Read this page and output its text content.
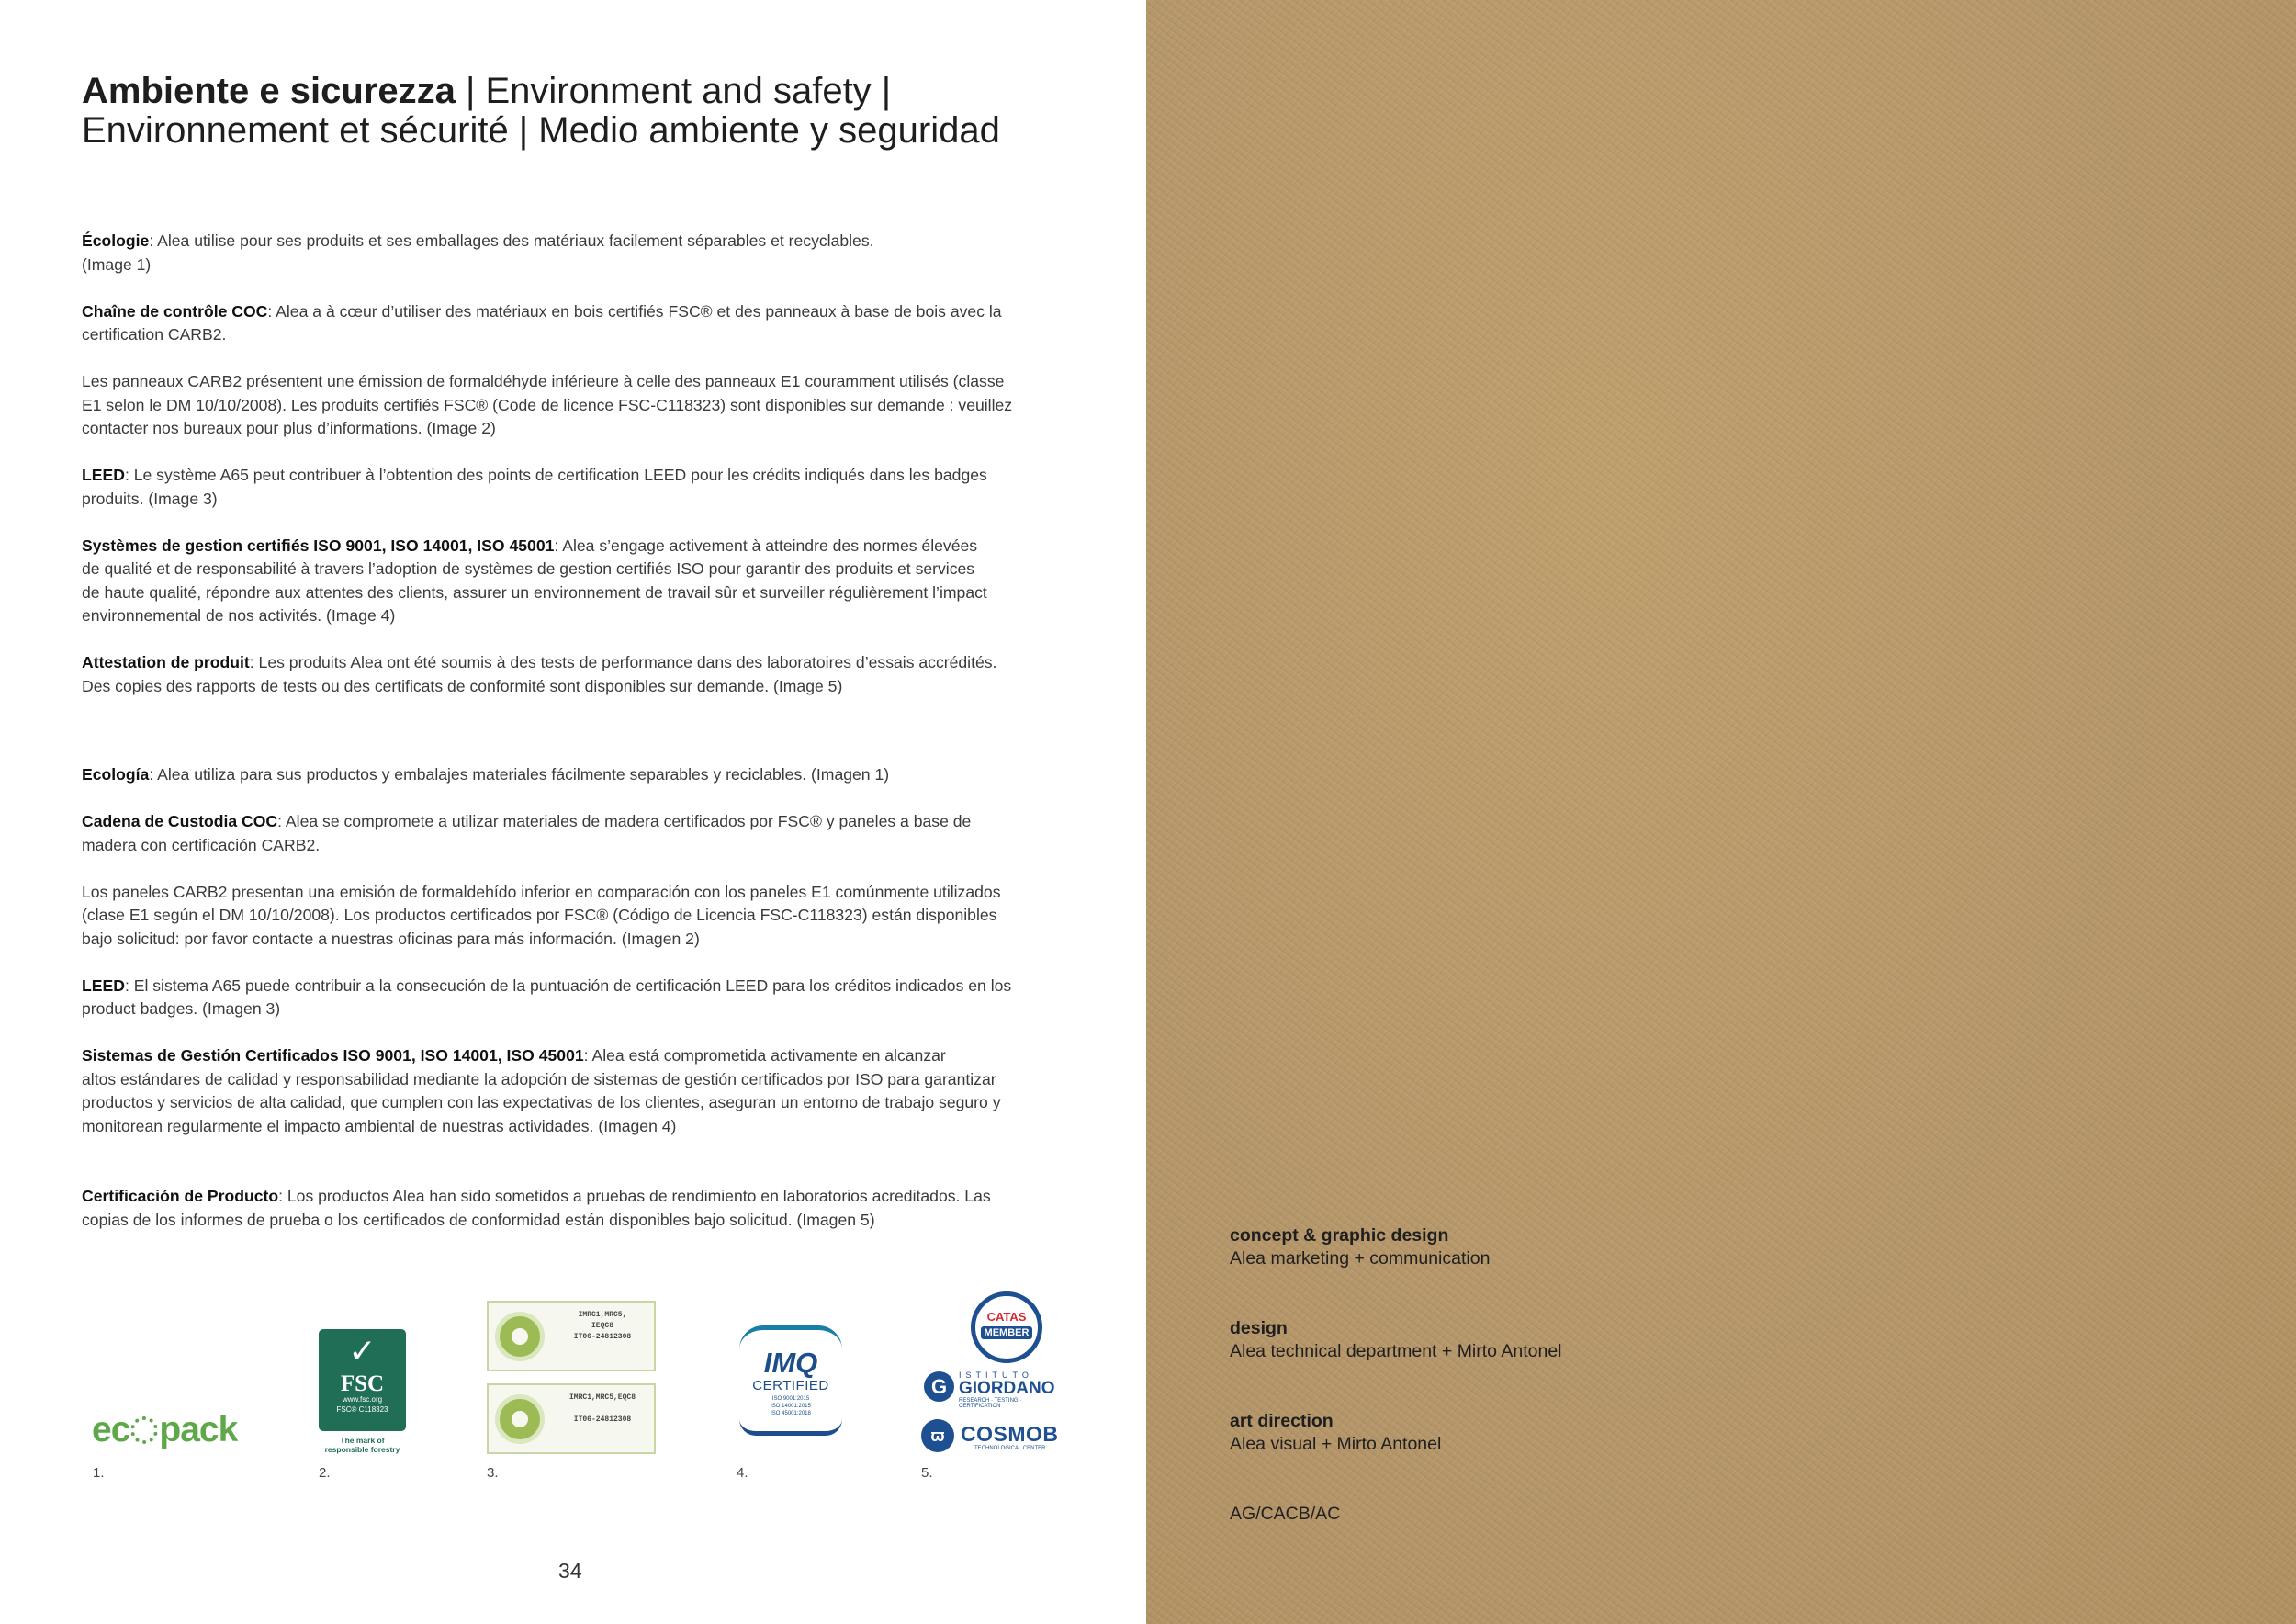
Ambiente e sicurezza | Environment and safety |
Environnement et sécurité | Medio ambiente y seguridad

Écologie: Alea utilise pour ses produits et ses emballages des matériaux facilement séparables et recyclables.
(Image 1)

Chaîne de contrôle COC: Alea a à cœur d’utiliser des matériaux en bois certifiés FSC® et des panneaux à base de bois avec la
certification CARB2.

Les panneaux CARB2 présentent une émission de formaldéhyde inférieure à celle des panneaux E1 couramment utilisés (classe
E1 selon le DM 10/10/2008). Les produits certifiés FSC® (Code de licence FSC-C118323) sont disponibles sur demande : veuillez
contacter nos bureaux pour plus d’informations. (Image 2)

LEED: Le système A65 peut contribuer à l’obtention des points de certification LEED pour les crédits indiqués dans les badges
produits. (Image 3)

Systèmes de gestion certifiés ISO 9001, ISO 14001, ISO 45001: Alea s’engage activement à atteindre des normes élevées
de qualité et de responsabilité à travers l’adoption de systèmes de gestion certifiés ISO pour garantir des produits et services
de haute qualité, répondre aux attentes des clients, assurer un environnement de travail sûr et surveiller régulièrement l’impact
environnemental de nos activités. (Image 4)

Attestation de produit: Les produits Alea ont été soumis à des tests de performance dans des laboratoires d’essais accrédités.
Des copies des rapports de tests ou des certificats de conformité sont disponibles sur demande. (Image 5)

Ecología: Alea utiliza para sus productos y embalajes materiales fácilmente separables y reciclables. (Imagen 1)

Cadena de Custodia COC: Alea se compromete a utilizar materiales de madera certificados por FSC® y paneles a base de
madera con certificación CARB2.

Los paneles CARB2 presentan una emisión de formaldehído inferior en comparación con los paneles E1 comúnmente utilizados
(clase E1 según el DM 10/10/2008). Los productos certificados por FSC® (Código de Licencia FSC-C118323) están disponibles
bajo solicitud: por favor contacte a nuestras oficinas para más información. (Imagen 2)

LEED: El sistema A65 puede contribuir a la consecución de la puntuación de certificación LEED para los créditos indicados en los
product badges. (Imagen 3)

Sistemas de Gestión Certificados ISO 9001, ISO 14001, ISO 45001: Alea está comprometida activamente en alcanzar
altos estándares de calidad y responsabilidad mediante la adopción de sistemas de gestión certificados por ISO para garantizar
productos y servicios de alta calidad, que cumplen con las expectativas de los clientes, aseguran un entorno de trabajo seguro y
monitorean regularmente el impacto ambiental de nuestras actividades. (Imagen 4)

Certificación de Producto: Los productos Alea han sido sometidos a pruebas de rendimiento en laboratorios acreditados. Las
copias de los informes de prueba o los certificados de conformidad están disponibles bajo solicitud. (Imagen 5)

ec pack
✓
FSC
www.fsc.org
FSC® C118323
The mark of
responsible forestry
IMRC1,MRC5,
IEQC8
IT06-24812308
IMRC1,MRC5,EQC8

IT06-24812308
IMQ
CERTIFIED
ISO 9001:2015
ISO 14001:2015
ISO 45001:2018
CATAS
MEMBER
G	ISTITUTO
GIORDANO
RESEARCH · TESTING · CERTIFICATION
ϖ COSMOB
TECHNOLOGICAL CENTER
1.	2.	3.	4.	5.
34
concept & graphic design
Alea marketing + communication
design
Alea technical department + Mirto Antonel
art direction
Alea visual + Mirto Antonel
AG/CACB/AC
